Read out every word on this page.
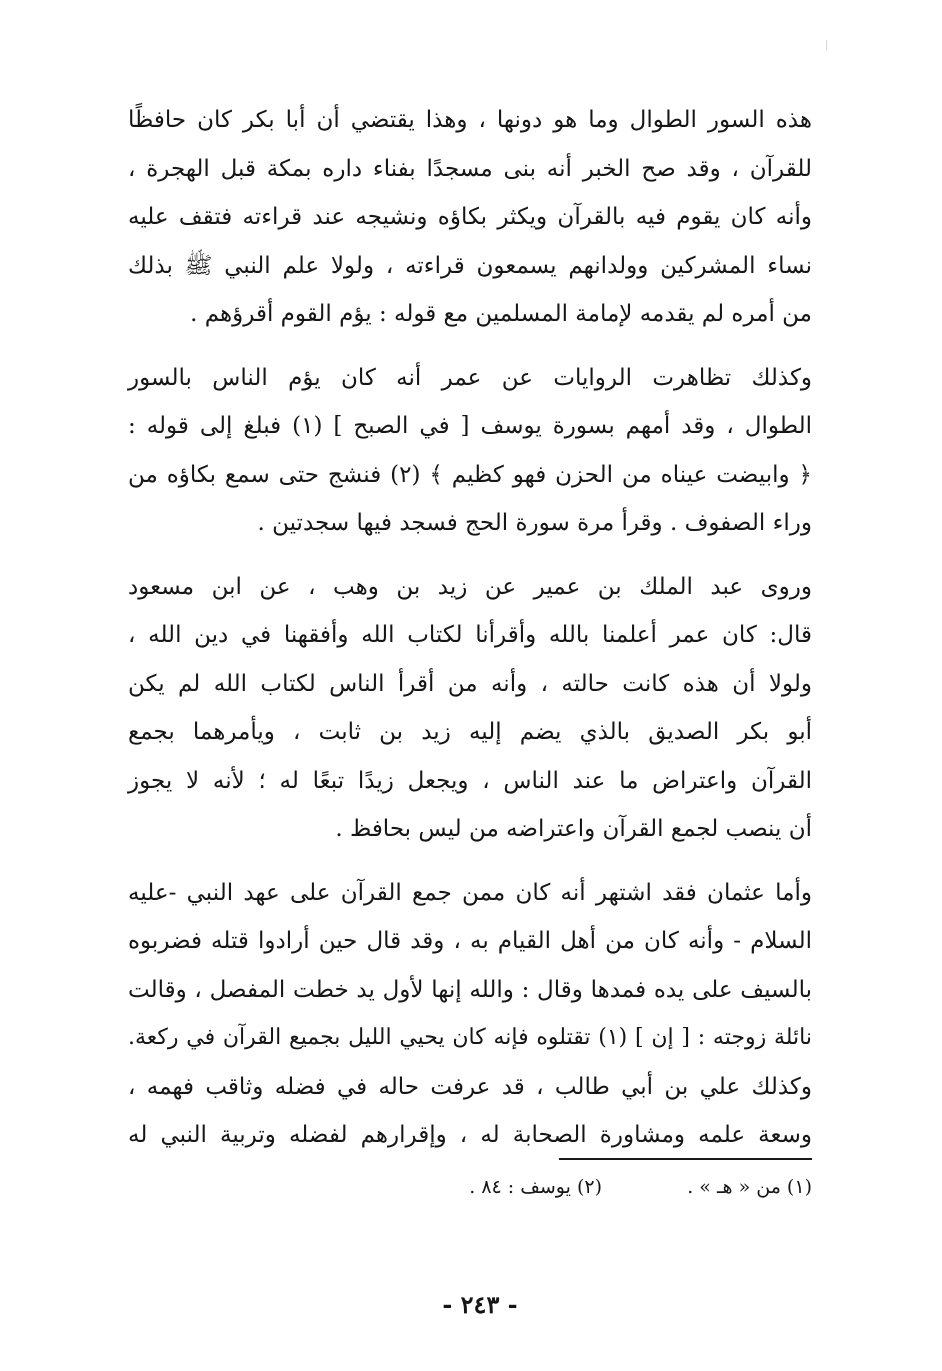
هذه السور الطوال وما هو دونها ، وهذا يقتضي أن أبا بكر كان حافظًا
للقرآن ، وقد صح الخبر أنه بنى مسجدًا بفناء داره بمكة قبل الهجرة ،
وأنه كان يقوم فيه بالقرآن ويكثر بكاؤه ونشيجه عند قراءته فتقف عليه
نساء المشركين وولدانهم يسمعون قراءته ، ولولا علم النبي ﷺ بذلك
من أمره لم يقدمه لإمامة المسلمين مع قوله : يؤم القوم أقرؤهم .

وكذلك تظاهرت الروايات عن عمر أنه كان يؤم الناس بالسور
الطوال ، وقد أمهم بسورة يوسف [ في الصبح ] (١) فبلغ إلى قوله :
﴿ وابيضت عيناه من الحزن فهو كظيم ﴾ (٢) فنشج حتى سمع بكاؤه من
وراء الصفوف . وقرأ مرة سورة الحج فسجد فيها سجدتين .

وروى عبد الملك بن عمير عن زيد بن وهب ، عن ابن مسعود
قال: كان عمر أعلمنا بالله وأقرأنا لكتاب الله وأفقهنا في دين الله ،
ولولا أن هذه كانت حالته ، وأنه من أقرأ الناس لكتاب الله لم يكن
أبو بكر الصديق بالذي يضم إليه زيد بن ثابت ، ويأمرهما بجمع
القرآن واعتراض ما عند الناس ، ويجعل زيدًا تبعًا له ؛ لأنه لا يجوز
أن ينصب لجمع القرآن واعتراضه من ليس بحافظ .

وأما عثمان فقد اشتهر أنه كان ممن جمع القرآن على عهد النبي -عليه
السلام - وأنه كان من أهل القيام به ، وقد قال حين أرادوا قتله فضربوه
بالسيف على يده فمدها وقال : والله إنها لأول يد خطت المفصل ، وقالت
نائلة زوجته : [ إن ] (١) تقتلوه فإنه كان يحيي الليل بجميع القرآن في ركعة.
وكذلك علي بن أبي طالب ، قد عرفت حاله في فضله وثاقب فهمه ،
وسعة علمه ومشاورة الصحابة له ، وإقرارهم لفضله وتربية النبي له

(١) من « هـ » .
(٢) يوسف : ٨٤ .
- ٢٤٣ -
